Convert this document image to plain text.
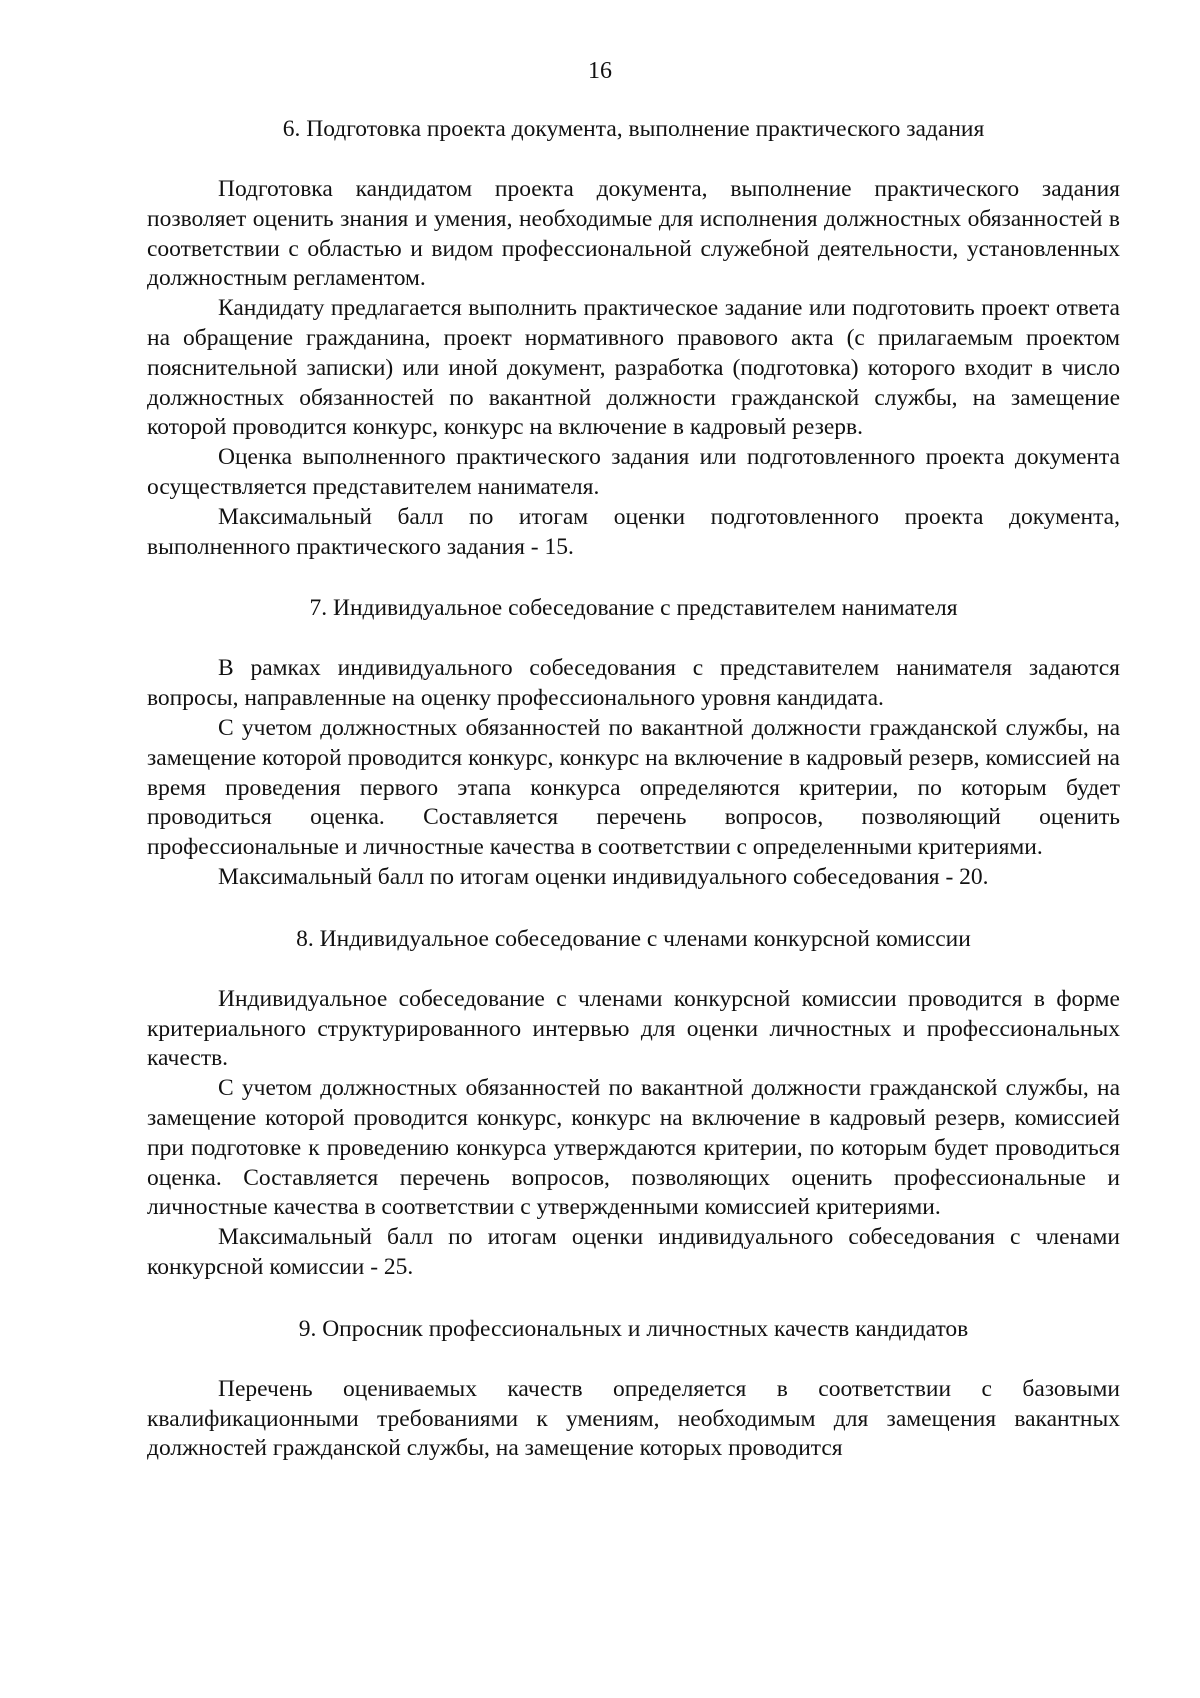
16
6. Подготовка проекта документа, выполнение практического задания

Подготовка кандидатом проекта документа, выполнение практического задания позволяет оценить знания и умения, необходимые для исполнения должностных обязанностей в соответствии с областью и видом профессиональной служебной деятельности, установленных должностным регламентом.

Кандидату предлагается выполнить практическое задание или подготовить проект ответа на обращение гражданина, проект нормативного правового акта (с прилагаемым проектом пояснительной записки) или иной документ, разработка (подготовка) которого входит в число должностных обязанностей по вакантной должности гражданской службы, на замещение которой проводится конкурс, конкурс на включение в кадровый резерв.

Оценка выполненного практического задания или подготовленного проекта документа осуществляется представителем нанимателя.

Максимальный балл по итогам оценки подготовленного проекта документа, выполненного практического задания - 15.

7. Индивидуальное собеседование с представителем нанимателя

В рамках индивидуального собеседования с представителем нанимателя задаются вопросы, направленные на оценку профессионального уровня кандидата.

С учетом должностных обязанностей по вакантной должности гражданской службы, на замещение которой проводится конкурс, конкурс на включение в кадровый резерв, комиссией на время проведения первого этапа конкурса определяются критерии, по которым будет проводиться оценка. Составляется перечень вопросов, позволяющий оценить профессиональные и личностные качества в соответствии с определенными критериями.

Максимальный балл по итогам оценки индивидуального собеседования - 20.

8. Индивидуальное собеседование с членами конкурсной комиссии

Индивидуальное собеседование с членами конкурсной комиссии проводится в форме критериального структурированного интервью для оценки личностных и профессиональных качеств.

С учетом должностных обязанностей по вакантной должности гражданской службы, на замещение которой проводится конкурс, конкурс на включение в кадровый резерв, комиссией при подготовке к проведению конкурса утверждаются критерии, по которым будет проводиться оценка. Составляется перечень вопросов, позволяющих оценить профессиональные и личностные качества в соответствии с утвержденными комиссией критериями.

Максимальный балл по итогам оценки индивидуального собеседования с членами конкурсной комиссии - 25.

9. Опросник профессиональных и личностных качеств кандидатов

Перечень оцениваемых качеств определяется в соответствии с базовыми квалификационными требованиями к умениям, необходимым для замещения вакантных должностей гражданской службы, на замещение которых проводится
